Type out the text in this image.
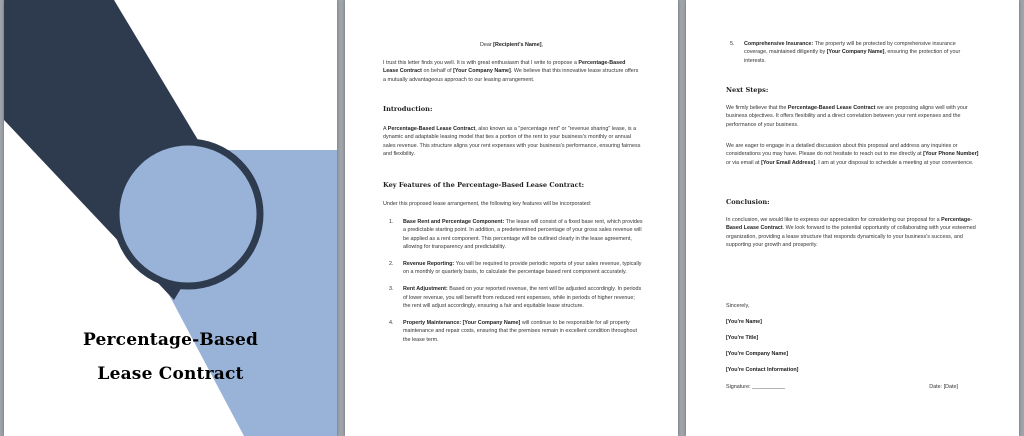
Percentage-Based
Lease Contract

Dear [Recipient's Name],

I trust this letter finds you well. It is with great enthusiasm that I write to propose a Percentage-Based Lease Contract on behalf of [Your Company Name]. We believe that this innovative lease structure offers a mutually advantageous approach to our leasing arrangement.

Introduction:

A Percentage-Based Lease Contract, also known as a "percentage rent" or "revenue sharing" lease, is a dynamic and adaptable leasing model that ties a portion of the rent to your business's monthly or annual sales revenue. This structure aligns your rent expenses with your business's performance, ensuring fairness and flexibility.

Key Features of the Percentage-Based Lease Contract:

Under this proposed lease arrangement, the following key features will be incorporated:

1.	Base Rent and Percentage Component: The lease will consist of a fixed base rent, which provides a predictable starting point. In addition, a predetermined percentage of your gross sales revenue will be applied as a rent component. This percentage will be outlined clearly in the lease agreement, allowing for transparency and predictability.
2.	Revenue Reporting: You will be required to provide periodic reports of your sales revenue, typically on a monthly or quarterly basis, to calculate the percentage based rent component accurately.
3.	Rent Adjustment: Based on your reported revenue, the rent will be adjusted accordingly. In periods of lower revenue, you will benefit from reduced rent expenses, while in periods of higher revenue; the rent will adjust accordingly, ensuring a fair and equitable lease structure.
4.	Property Maintenance: [Your Company Name] will continue to be responsible for all property maintenance and repair costs, ensuring that the premises remain in excellent condition throughout the lease term.
5.	Comprehensive Insurance: The property will be protected by comprehensive insurance coverage, maintained diligently by [Your Company Name], ensuring the protection of your interests.

Next Steps:

We firmly believe that the Percentage-Based Lease Contract we are proposing aligns well with your business objectives. It offers flexibility and a direct correlation between your rent expenses and the performance of your business.

We are eager to engage in a detailed discussion about this proposal and address any inquiries or considerations you may have. Please do not hesitate to reach out to me directly at [Your Phone Number] or via email at [Your Email Address]. I am at your disposal to schedule a meeting at your convenience.

Conclusion:

In conclusion, we would like to express our appreciation for considering our proposal for a Percentage-Based Lease Contract. We look forward to the potential opportunity of collaborating with your esteemed organization, providing a lease structure that responds dynamically to your business's success, and supporting your growth and prosperity.

Sincerely,

[You're Name]

[You're Title]

[You're Company Name]

[You're Contact Information]

Signature: ___________	Date: [Date]
